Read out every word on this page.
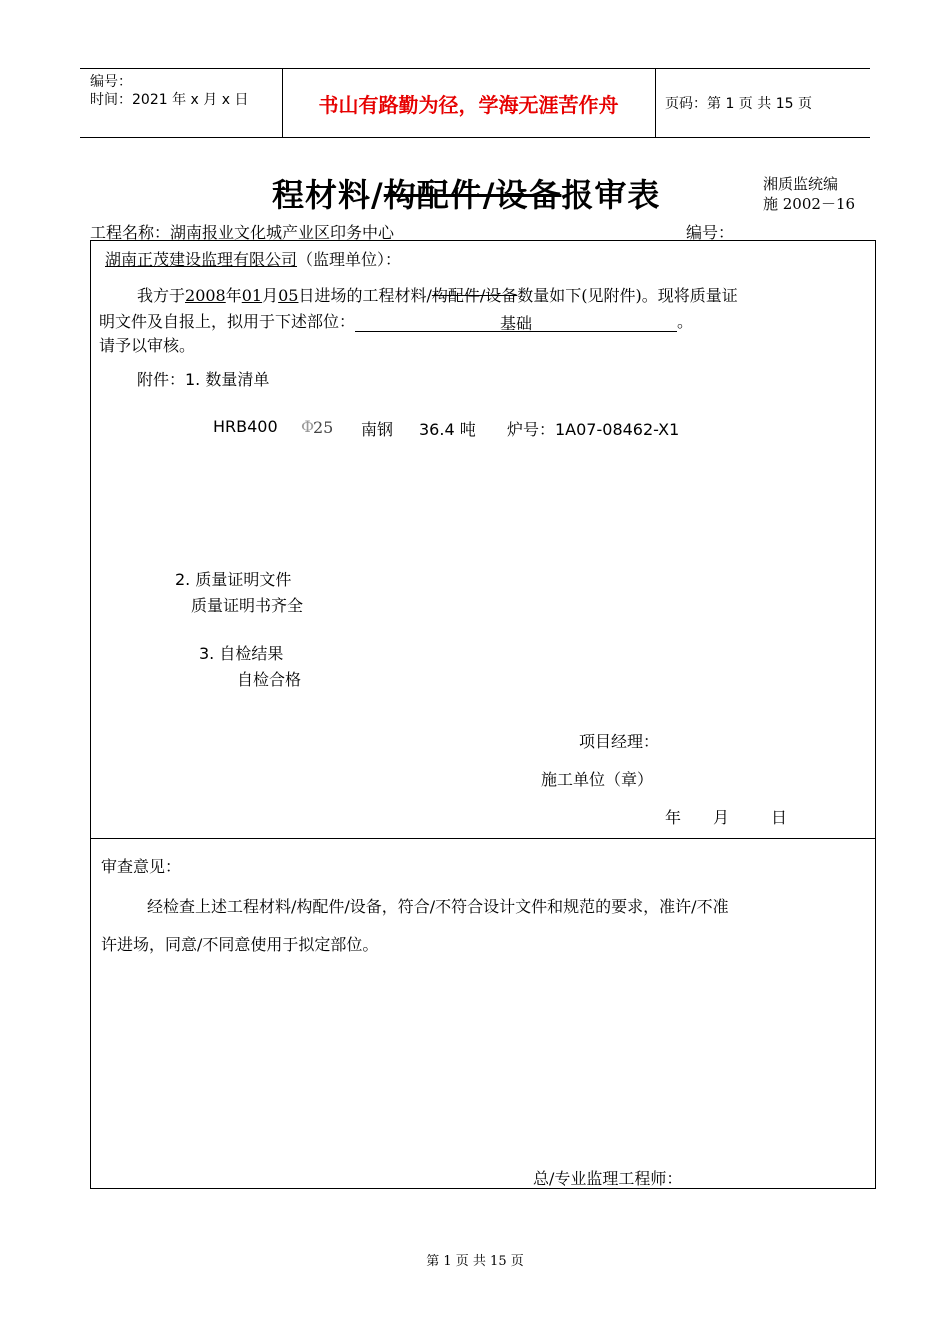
编号：
时间：2021 年 x 月 x 日	书山有路勤为径，学海无涯苦作舟	页码：第 1 页 共 15 页
程材料/构配件/设备报审表	湘质监统编
施 2002－16
工程名称：湖南报业文化城产业区印务中心	编号：
湖南正茂建设监理有限公司（监理单位）：
我方于2008年01月05日进场的工程材料/构配件/设备数量如下(见附件)。现将质量证
明文件及自报上，拟用于下述部位：	基础	。
请予以审核。
附件：1. 数量清单
HRB400 Φ
25 南钢 36.4 吨 炉号：1A07-08462-X1
2. 质量证明文件
质量证明书齐全
3. 自检结果
自检合格
项目经理：
施工单位（章）
年 月	日
审查意见：
经检查上述工程材料/构配件/设备，符合/不符合设计文件和规范的要求，准许/不准
许进场，同意/不同意使用于拟定部位。
总/专业监理工程师：
第 1 页 共 15 页
